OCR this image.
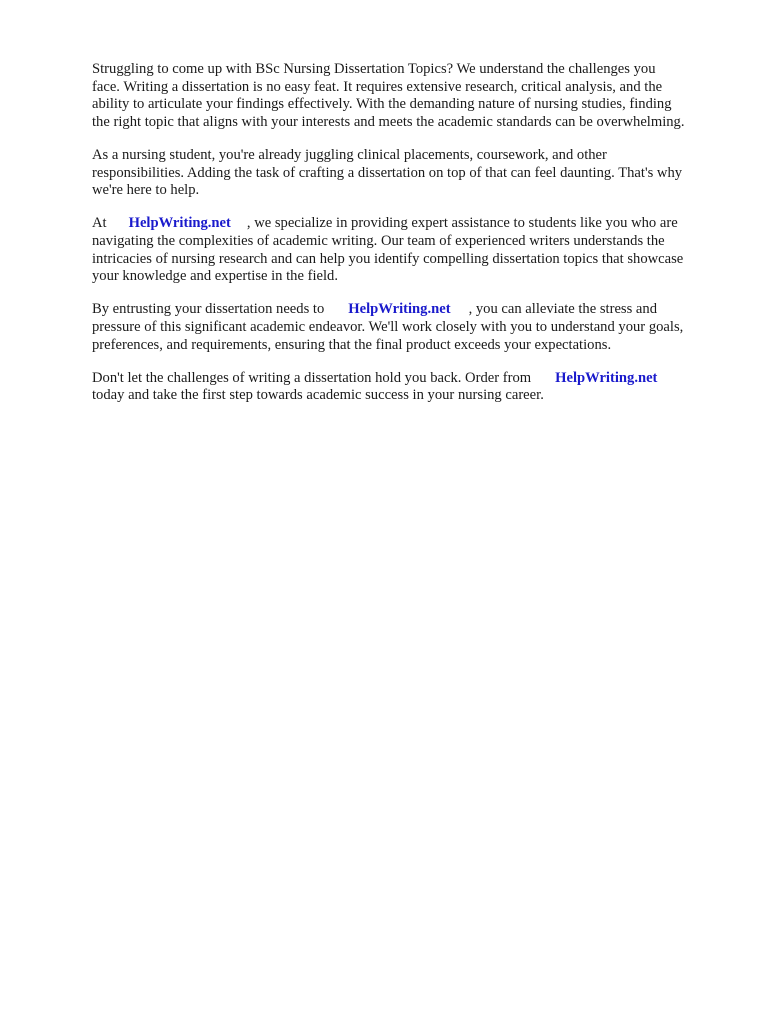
Struggling to come up with BSc Nursing Dissertation Topics? We understand the challenges you
face. Writing a dissertation is no easy feat. It requires extensive research, critical analysis, and the
ability to articulate your findings effectively. With the demanding nature of nursing studies, finding
the right topic that aligns with your interests and meets the academic standards can be overwhelming.

As a nursing student, you're already juggling clinical placements, coursework, and other
responsibilities. Adding the task of crafting a dissertation on top of that can feel daunting. That's why
we're here to help.

At HelpWriting.net , we specialize in providing expert assistance to students like you who are
navigating the complexities of academic writing. Our team of experienced writers understands the
intricacies of nursing research and can help you identify compelling dissertation topics that showcase
your knowledge and expertise in the field.

By entrusting your dissertation needs to HelpWriting.net , you can alleviate the stress and
pressure of this significant academic endeavor. We'll work closely with you to understand your goals,
preferences, and requirements, ensuring that the final product exceeds your expectations.

Don't let the challenges of writing a dissertation hold you back. Order from HelpWriting.net
today and take the first step towards academic success in your nursing career.
